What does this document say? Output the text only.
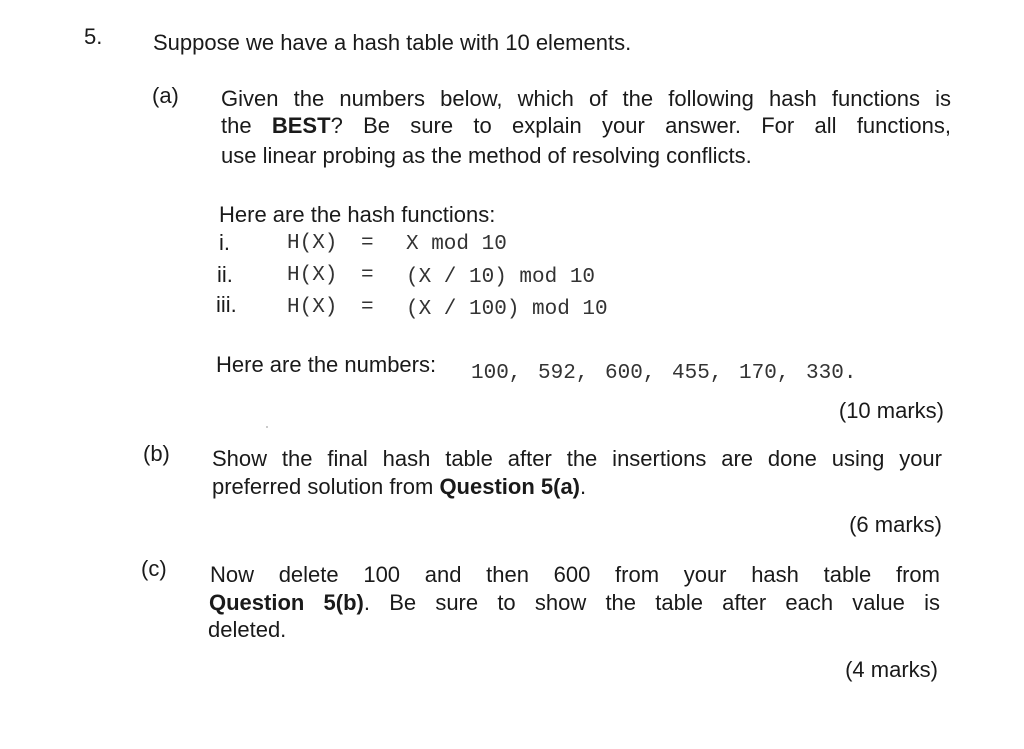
5. Suppose we have a hash table with 10 elements.
(a) Given the numbers below, which of the following hash functions is
the BEST? Be sure to explain your answer. For all functions,
use linear probing as the method of resolving conflicts.
Here are the hash functions:
i.	H(X) = X mod 10
ii.	H(X) = (X / 10) mod 10
iii. H(X) = (X / 100) mod 10
Here are the numbers: 100, 592, 600, 455, 170, 330.
(10 marks)
(b) Show the final hash table after the insertions are done using your
preferred solution from Question 5(a).
(6 marks)
(c) Now delete 100 and then 600 from your hash table from
Question 5(b). Be sure to show the table after each value is
deleted.
(4 marks)
